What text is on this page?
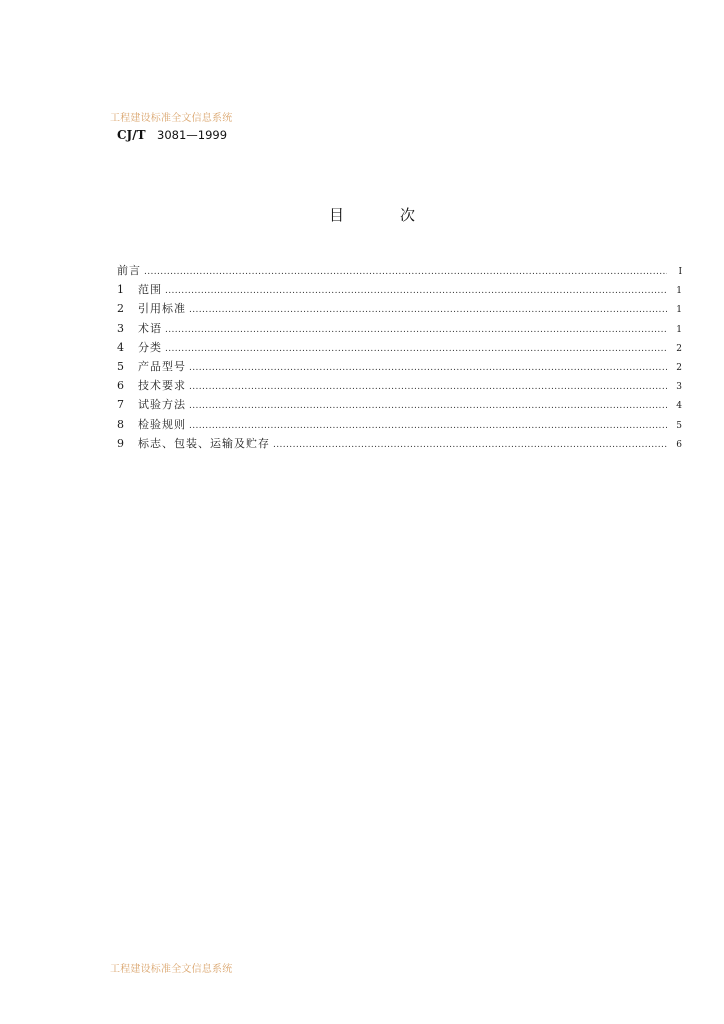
工程建设标准全文信息系统
CJ/T 3081—1999
目次
前言 .....	I
1	范围 .....	1
2	引用标准 .....	1
3	术语 .....	1
4	分类 .....	2
5	产品型号 .....	2
6	技术要求 .....	3
7	试验方法 .....	4
8	检验规则 .....	5
9	标志、包装、运输及贮存 .....	6
工程建设标准全文信息系统
